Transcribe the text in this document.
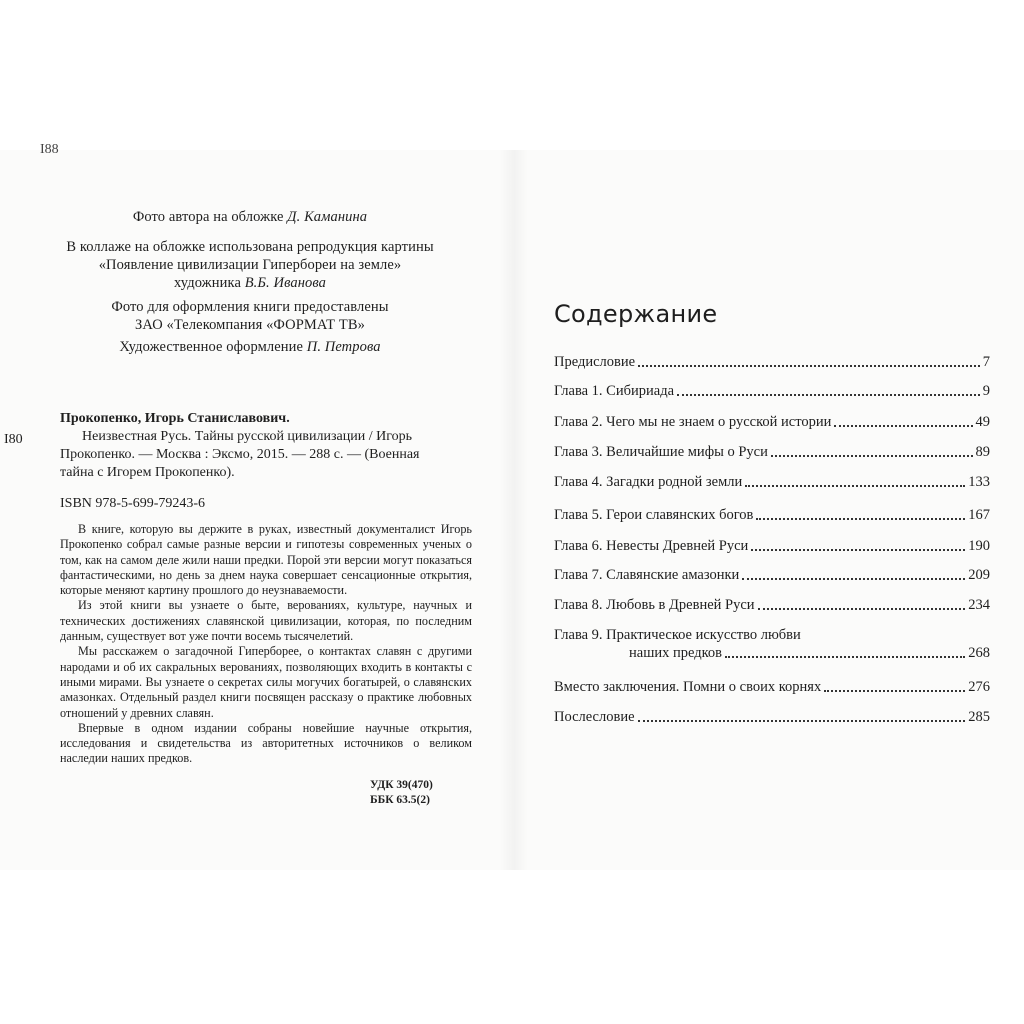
I88
Фото автора на обложке Д. Каманина
В коллаже на обложке использована репродукция картины
«Появление цивилизации Гипербореи на земле»
художника В.Б. Иванова
Фото для оформления книги предоставлены
ЗАО «Телекомпания «ФОРМАТ ТВ»
Художественное оформление П. Петрова
I80
Прокопенко, Игорь Станиславович.
Неизвестная Русь. Тайны русской цивилизации / Игорь
Прокопенко. — Москва : Эксмо, 2015. — 288 с. — (Военная
тайна с Игорем Прокопенко).
ISBN 978-5-699-79243-6

В книге, которую вы держите в руках, известный документалист Игорь Прокопенко собрал самые разные версии и гипотезы современных ученых о том, как на самом деле жили наши предки. Порой эти версии могут показаться фантастическими, но день за днем наука совершает сенсационные открытия, которые меняют картину прошлого до неузнаваемости.

Из этой книги вы узнаете о быте, верованиях, культуре, научных и технических достижениях славянской цивилизации, которая, по последним данным, существует вот уже почти восемь тысячелетий.

Мы расскажем о загадочной Гиперборее, о контактах славян с другими народами и об их сакральных верованиях, позволяющих входить в контакты с иными мирами. Вы узнаете о секретах силы могучих богатырей, о славянских амазонках. Отдельный раздел книги посвящен рассказу о практике любовных отношений у древних славян.

Впервые в одном издании собраны новейшие научные открытия, исследования и свидетельства из авторитетных источников о великом наследии наших предков.

УДК 39(470)
ББК 63.5(2)
Содержание
Предисловие	7
Глава 1. Сибириада	9
Глава 2. Чего мы не знаем о русской истории	49
Глава 3. Величайшие мифы о Руси	89
Глава 4. Загадки родной земли	133
Глава 5. Герои славянских богов	167
Глава 6. Невесты Древней Руси	190
Глава 7. Славянские амазонки	209
Глава 8. Любовь в Древней Руси	234
Глава 9. Практическое искусство любви
наших предков	268
Вместо заключения. Помни о своих корнях	276
Послесловие	285
